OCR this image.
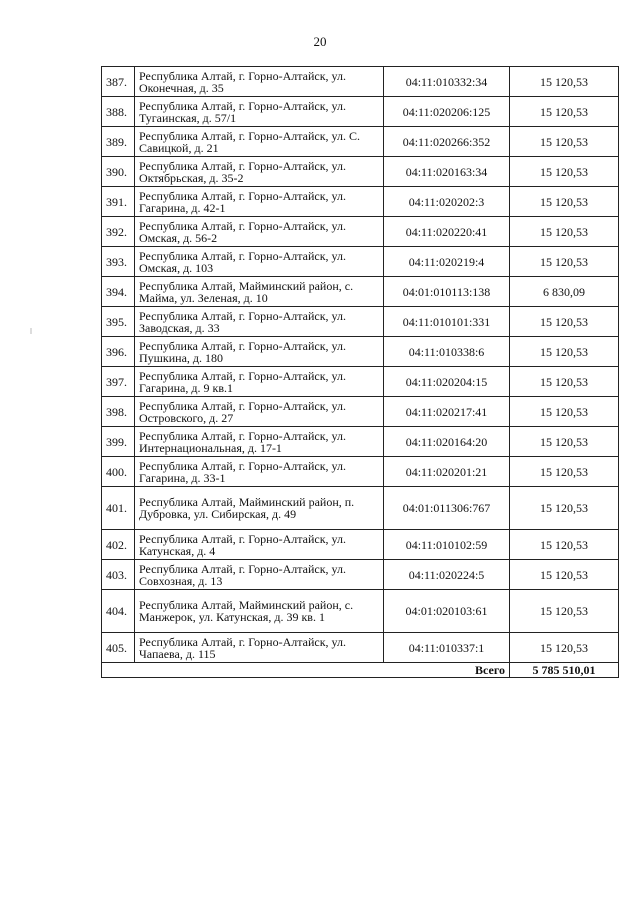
20
387.	Республика Алтай, г. Горно-Алтайск, ул. Оконечная, д. 35	04:11:010332:34	15 120,53
388.	Республика Алтай, г. Горно-Алтайск, ул. Тугаинская, д. 57/1	04:11:020206:125	15 120,53
389.	Республика Алтай, г. Горно-Алтайск, ул. С. Савицкой, д. 21	04:11:020266:352	15 120,53
390.	Республика Алтай, г. Горно-Алтайск, ул. Октябрьская, д. 35-2	04:11:020163:34	15 120,53
391.	Республика Алтай, г. Горно-Алтайск, ул. Гагарина, д. 42-1	04:11:020202:3	15 120,53
392.	Республика Алтай, г. Горно-Алтайск, ул. Омская, д. 56-2	04:11:020220:41	15 120,53
393.	Республика Алтай, г. Горно-Алтайск, ул. Омская, д. 103	04:11:020219:4	15 120,53
394.	Республика Алтай, Майминский район, с. Майма, ул. Зеленая, д. 10	04:01:010113:138	6 830,09
395.	Республика Алтай, г. Горно-Алтайск, ул. Заводская, д. 33	04:11:010101:331	15 120,53
396.	Республика Алтай, г. Горно-Алтайск, ул. Пушкина, д. 180	04:11:010338:6	15 120,53
397.	Республика Алтай, г. Горно-Алтайск, ул. Гагарина, д. 9 кв.1	04:11:020204:15	15 120,53
398.	Республика Алтай, г. Горно-Алтайск, ул. Островского, д. 27	04:11:020217:41	15 120,53
399.	Республика Алтай, г. Горно-Алтайск, ул. Интернациональная, д. 17-1	04:11:020164:20	15 120,53
400.	Республика Алтай, г. Горно-Алтайск, ул. Гагарина, д. 33-1	04:11:020201:21	15 120,53
401.	Республика Алтай, Майминский район, п. Дубровка, ул. Сибирская, д. 49	04:01:011306:767	15 120,53
402.	Республика Алтай, г. Горно-Алтайск, ул. Катунская, д. 4	04:11:010102:59	15 120,53
403.	Республика Алтай, г. Горно-Алтайск, ул. Совхозная, д. 13	04:11:020224:5	15 120,53
404.	Республика Алтай, Майминский район, с. Манжерок, ул. Катунская, д. 39 кв. 1	04:01:020103:61	15 120,53
405.	Республика Алтай, г. Горно-Алтайск, ул. Чапаева, д. 115	04:11:010337:1	15 120,53
Всего			5 785 510,01
